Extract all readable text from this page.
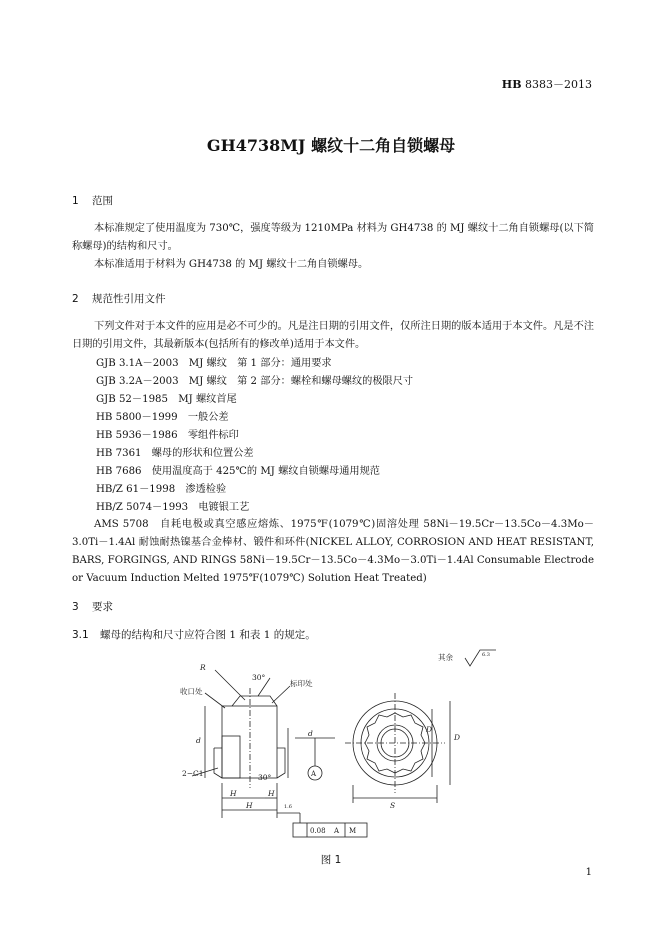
HB 8383－2013
GH4738MJ 螺纹十二角自锁螺母
1 范围
本标准规定了使用温度为 730℃，强度等级为 1210MPa 材料为 GH4738 的 MJ 螺纹十二角自锁螺母(以下简称螺母)的结构和尺寸。
本标准适用于材料为 GH4738 的 MJ 螺纹十二角自锁螺母。
2 规范性引用文件
下列文件对于本文件的应用是必不可少的。凡是注日期的引用文件，仅所注日期的版本适用于本文件。凡是不注日期的引用文件，其最新版本(包括所有的修改单)适用于本文件。
GJB 3.1A－2003　MJ 螺纹　第 1 部分：通用要求
GJB 3.2A－2003　MJ 螺纹　第 2 部分：螺栓和螺母螺纹的极限尺寸
GJB 52－1985　MJ 螺纹首尾
HB 5800－1999　一般公差
HB 5936－1986　零组件标印
HB 7361　螺母的形状和位置公差
HB 7686　使用温度高于 425℃的 MJ 螺纹自锁螺母通用规范
HB/Z 61－1998　渗透检验
HB/Z 5074－1993　电镀银工艺
AMS 5708　自耗电极或真空感应熔炼、1975℉(1079℃)固溶处理 58Ni－19.5Cr－13.5Co－4.3Mo－3.0Ti－1.4Al 耐蚀耐热镍基合金棒材、锻件和环件(NICKEL ALLOY, CORROSION AND HEAT RESISTANT, BARS, FORGINGS, AND RINGS 58Ni－19.5Cr－13.5Co－4.3Mo－3.0Ti－1.4Al Consumable Electrode or Vacuum Induction Melted 1975℉(1079℃) Solution Heat Treated)
3 要求
3.1 螺母的结构和尺寸应符合图 1 和表 1 的规定。
其余	6.3
R
30°
标印处
收口处
2−C1
d
d
30°
H	H
H
A
0.08 A M
1.6
D
D
S
图 1
1
